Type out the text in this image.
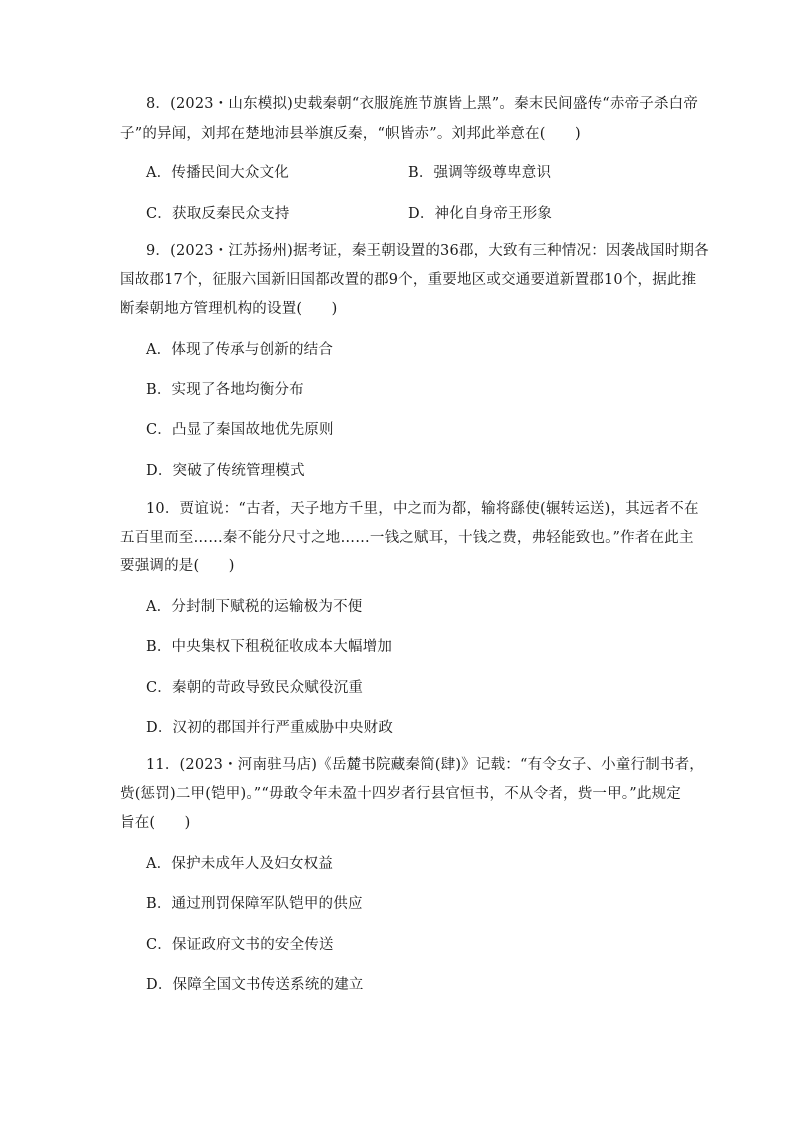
8．(2023・山东模拟)史载秦朝“衣服旄旌节旗皆上黑”。秦末民间盛传“赤帝子杀白帝
子”的异闻，刘邦在楚地沛县举旗反秦，“帜皆赤”。刘邦此举意在(　　)
A．传播民间大众文化	B．强调等级尊卑意识
C．获取反秦民众支持	D．神化自身帝王形象
9．(2023・江苏扬州)据考证，秦王朝设置的36郡，大致有三种情况：因袭战国时期各
国故郡17个，征服六国新旧国都改置的郡9个，重要地区或交通要道新置郡10个，据此推
断秦朝地方管理机构的设置(　　)
A．体现了传承与创新的结合
B．实现了各地均衡分布
C．凸显了秦国故地优先原则
D．突破了传统管理模式
10．贾谊说：“古者，天子地方千里，中之而为都，输将繇使(辗转运送)，其远者不在
五百里而至……秦不能分尺寸之地……一钱之赋耳，十钱之费，弗轻能致也。”作者在此主
要强调的是(　　)
A．分封制下赋税的运输极为不便
B．中央集权下租税征收成本大幅增加
C．秦朝的苛政导致民众赋役沉重
D．汉初的郡国并行严重威胁中央财政
11．(2023・河南驻马店)《岳麓书院藏秦简(肆)》记载：“有令女子、小童行制书者，
赀(惩罚)二甲(铠甲)。”“毋敢令年未盈十四岁者行县官恒书，不从令者，赀一甲。”此规定
旨在(　　)
A．保护未成年人及妇女权益
B．通过刑罚保障军队铠甲的供应
C．保证政府文书的安全传送
D．保障全国文书传送系统的建立
